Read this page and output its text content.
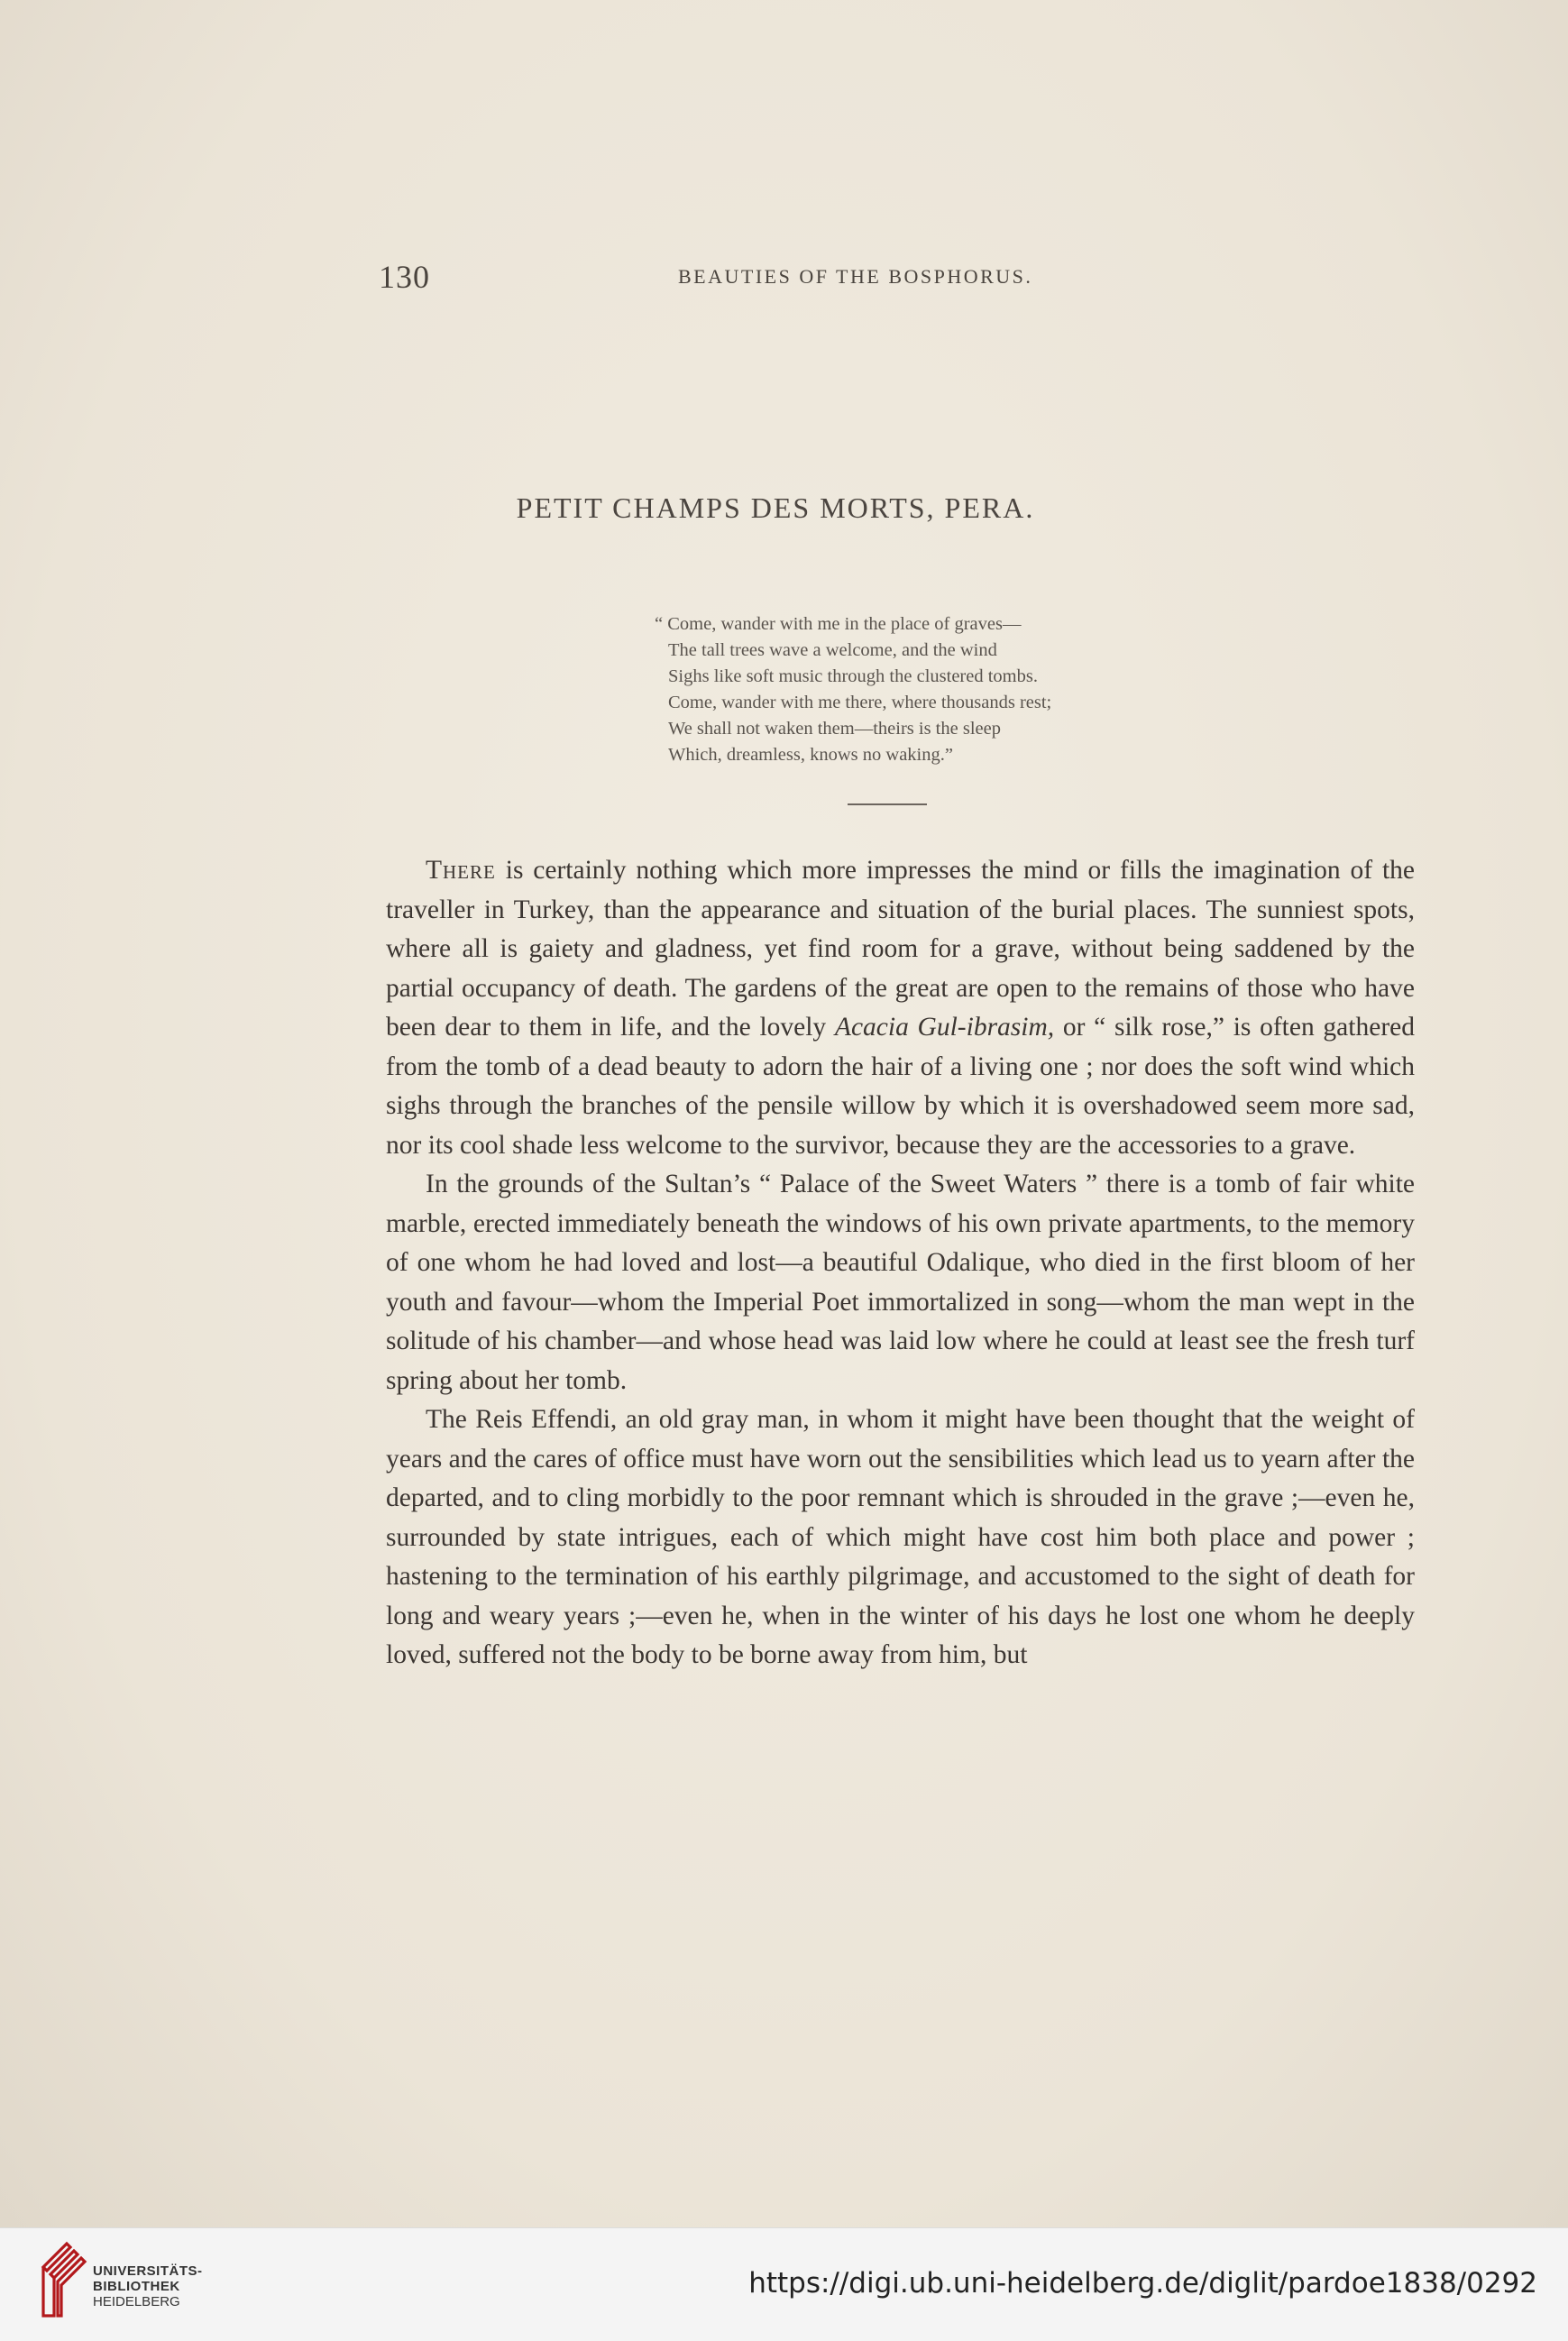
130	BEAUTIES OF THE BOSPHORUS.
PETIT CHAMPS DES MORTS, PERA.
“ Come, wander with me in the place of graves—
The tall trees wave a welcome, and the wind
Sighs like soft music through the clustered tombs.
Come, wander with me there, where thousands rest;
We shall not waken them—theirs is the sleep
Which, dreamless, knows no waking.”

There is certainly nothing which more impresses the mind or fills the imagination of the traveller in Turkey, than the appearance and situation of the burial places. The sunniest spots, where all is gaiety and gladness, yet find room for a grave, without being saddened by the partial occupancy of death. The gardens of the great are open to the remains of those who have been dear to them in life, and the lovely Acacia Gul-ibrasim, or “ silk rose,” is often gathered from the tomb of a dead beauty to adorn the hair of a living one ; nor does the soft wind which sighs through the branches of the pensile willow by which it is overshadowed seem more sad, nor its cool shade less welcome to the survivor, because they are the accessories to a grave.

In the grounds of the Sultan’s “ Palace of the Sweet Waters ” there is a tomb of fair white marble, erected immediately beneath the windows of his own private apartments, to the memory of one whom he had loved and lost—a beautiful Odalique, who died in the first bloom of her youth and favour—whom the Imperial Poet immortalized in song—whom the man wept in the solitude of his chamber—and whose head was laid low where he could at least see the fresh turf spring about her tomb.

The Reis Effendi, an old gray man, in whom it might have been thought that the weight of years and the cares of office must have worn out the sensibilities which lead us to yearn after the departed, and to cling morbidly to the poor remnant which is shrouded in the grave ;—even he, surrounded by state intrigues, each of which might have cost him both place and power ; hastening to the termination of his earthly pilgrimage, and accustomed to the sight of death for long and weary years ;—even he, when in the winter of his days he lost one whom he deeply loved, suffered not the body to be borne away from him, but

UNIVERSITÄTS-
BIBLIOTHEK
HEIDELBERG
https://digi.ub.uni-heidelberg.de/diglit/pardoe1838/0292
